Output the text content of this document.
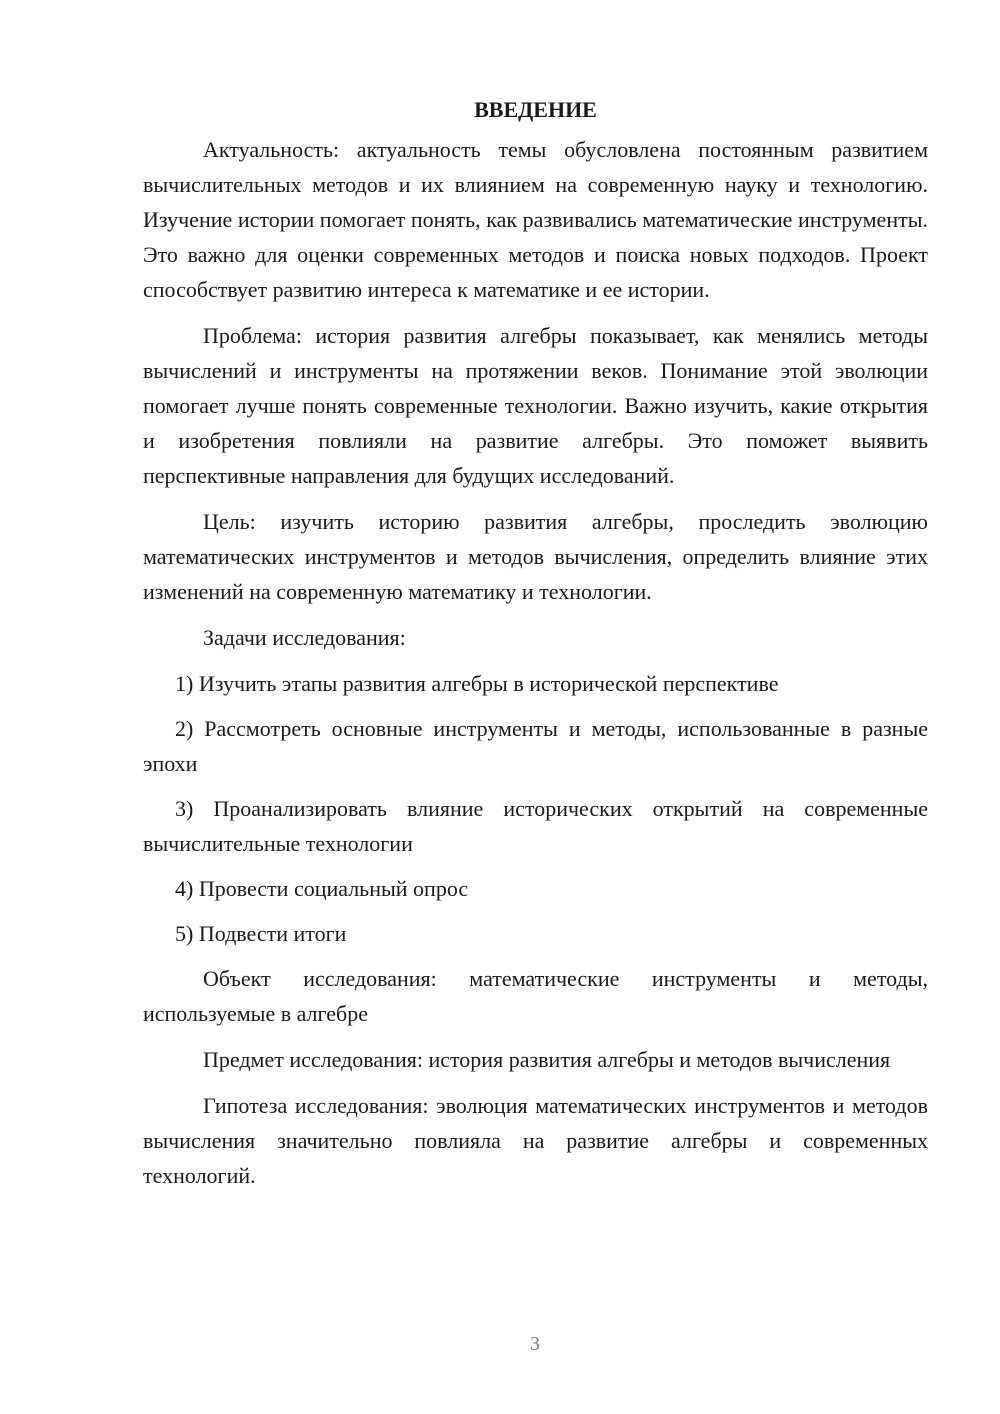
ВВЕДЕНИЕ

Актуальность: актуальность темы обусловлена постоянным развитием вычислительных методов и их влиянием на современную науку и технологию. Изучение истории помогает понять, как развивались математические инструменты. Это важно для оценки современных методов и поиска новых подходов. Проект способствует развитию интереса к математике и ее истории.

Проблема: история развития алгебры показывает, как менялись методы вычислений и инструменты на протяжении веков. Понимание этой эволюции помогает лучше понять современные технологии. Важно изучить, какие открытия и изобретения повлияли на развитие алгебры. Это поможет выявить перспективные направления для будущих исследований.

Цель: изучить историю развития алгебры, проследить эволюцию математических инструментов и методов вычисления, определить влияние этих изменений на современную математику и технологии.

Задачи исследования:

1) Изучить этапы развития алгебры в исторической перспективе

2) Рассмотреть основные инструменты и методы, использованные в разные эпохи

3) Проанализировать влияние исторических открытий на современные вычислительные технологии

4) Провести социальный опрос

5) Подвести итоги

Объект исследования: математические инструменты и методы, используемые в алгебре

Предмет исследования: история развития алгебры и методов вычисления

Гипотеза исследования: эволюция математических инструментов и методов вычисления значительно повлияла на развитие алгебры и современных технологий.

3
